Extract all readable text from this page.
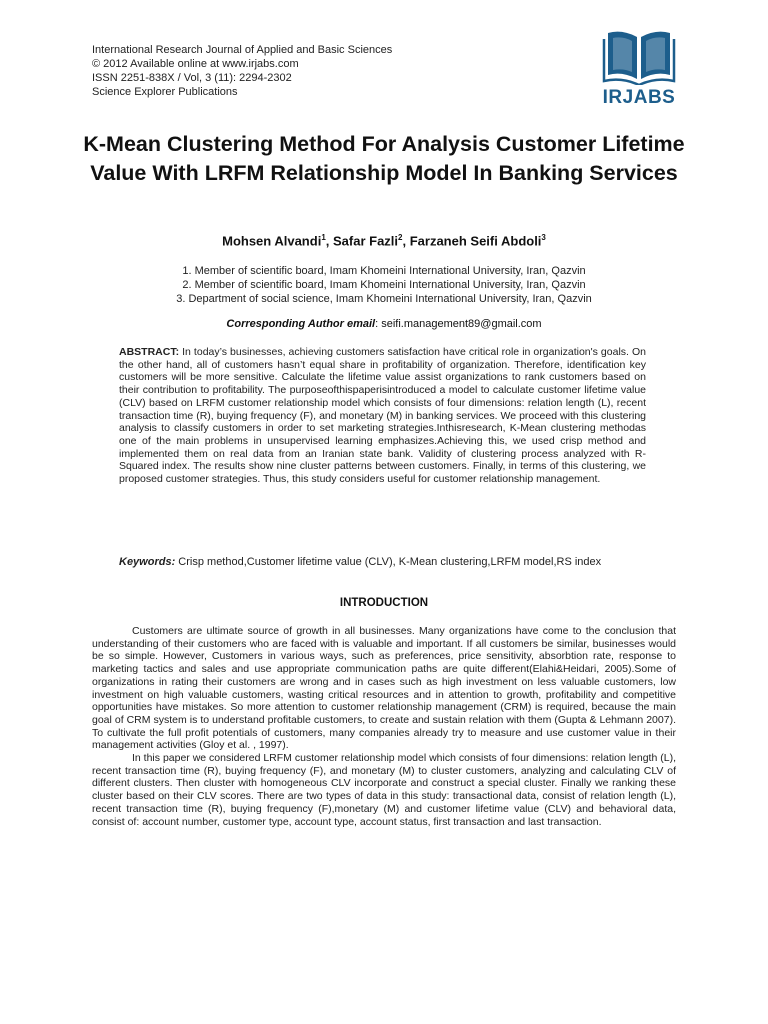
International Research Journal of Applied and Basic Sciences
© 2012 Available online at www.irjabs.com
ISSN 2251-838X / Vol, 3 (11): 2294-2302
Science Explorer Publications	IRJABS
K-Mean Clustering Method For Analysis Customer Lifetime Value With LRFM Relationship Model In Banking Services
Mohsen Alvandi$^1$, Safar Fazli$^2$, Farzaneh Seifi Abdoli$^3$
1. Member of scientific board, Imam Khomeini International University, Iran, Qazvin
2. Member of scientific board, Imam Khomeini International University, Iran, Qazvin
3. Department of social science, Imam Khomeini International University, Iran, Qazvin
Corresponding Author email: seifi.management89@gmail.com

ABSTRACT: In today’s businesses, achieving customers satisfaction have critical role in organization's goals. On the other hand, all of customers hasn’t equal share in profitability of organization. Therefore, identification key customers will be more sensitive. Calculate the lifetime value assist organizations to rank customers based on their contribution to profitability. The purposeofthispaperisintroduced a model to calculate customer lifetime value (CLV) based on LRFM customer relationship model which consists of four dimensions: relation length (L), recent transaction time (R), buying frequency (F), and monetary (M) in banking services. We proceed with this clustering analysis to classify customers in order to set marketing strategies.Inthisresearch, K-Mean clustering methodas one of the main problems in unsupervised learning emphasizes.Achieving this, we used crisp method and implemented them on real data from an Iranian state bank. Validity of clustering process analyzed with R-Squared index. The results show nine cluster patterns between customers. Finally, in terms of this clustering, we proposed customer strategies. Thus, this study considers useful for customer relationship management.

Keywords: Crisp method,Customer lifetime value (CLV), K-Mean clustering,LRFM model,RS index

INTRODUCTION

Customers are ultimate source of growth in all businesses. Many organizations have come to the conclusion that understanding of their customers who are faced with is valuable and important. If all customers be similar, businesses would be so simple. However, Customers in various ways, such as preferences, price sensitivity, absorbtion rate, response to marketing tactics and sales and use appropriate communication paths are quite different(Elahi&Heidari, 2005).Some of organizations in rating their customers are wrong and in cases such as high investment on less valuable customers, low investment on high valuable customers, wasting critical resources and in attention to growth, profitability and competitive opportunities have mistakes. So more attention to customer relationship management (CRM) is required, because the main goal of CRM system is to understand profitable customers, to create and sustain relation with them (Gupta & Lehmann 2007). To cultivate the full profit potentials of customers, many companies already try to measure and use customer value in their management activities (Gloy et al. , 1997).

In this paper we considered LRFM customer relationship model which consists of four dimensions: relation length (L), recent transaction time (R), buying frequency (F), and monetary (M) to cluster customers, analyzing and calculating CLV of different clusters. Then cluster with homogeneous CLV incorporate and construct a special cluster. Finally we ranking these cluster based on their CLV scores. There are two types of data in this study: transactional data, consist of relation length (L), recent transaction time (R), buying frequency (F),monetary (M) and customer lifetime value (CLV) and behavioral data, consist of: account number, customer type, account type, account status, first transaction and last transaction.
